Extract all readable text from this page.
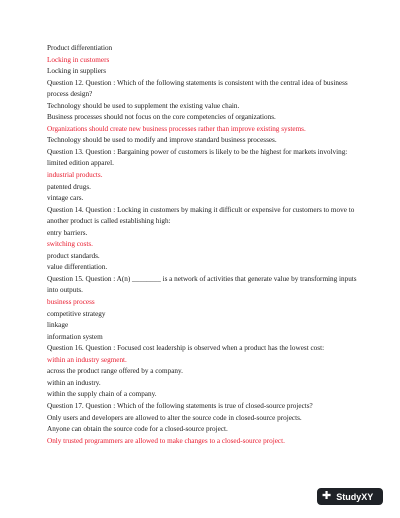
Product differentiation
Locking in customers
Locking in suppliers
Question 12. Question : Which of the following statements is consistent with the central idea of business process design?
Technology should be used to supplement the existing value chain.
Business processes should not focus on the core competencies of organizations.
Organizations should create new business processes rather than improve existing systems.
Technology should be used to modify and improve standard business processes.
Question 13. Question : Bargaining power of customers is likely to be the highest for markets involving:
limited edition apparel.
industrial products.
patented drugs.
vintage cars.
Question 14. Question : Locking in customers by making it difficult or expensive for customers to move to another product is called establishing high:
entry barriers.
switching costs.
product standards.
value differentiation.
Question 15. Question : A(n) ________ is a network of activities that generate value by transforming inputs into outputs.
business process
competitive strategy
linkage
information system
Question 16. Question : Focused cost leadership is observed when a product has the lowest cost:
within an industry segment.
across the product range offered by a company.
within an industry.
within the supply chain of a company.
Question 17. Question : Which of the following statements is true of closed-source projects?
Only users and developers are allowed to alter the source code in closed-source projects.
Anyone can obtain the source code for a closed-source project.
Only trusted programmers are allowed to make changes to a closed-source project.
✚ StudyXY
